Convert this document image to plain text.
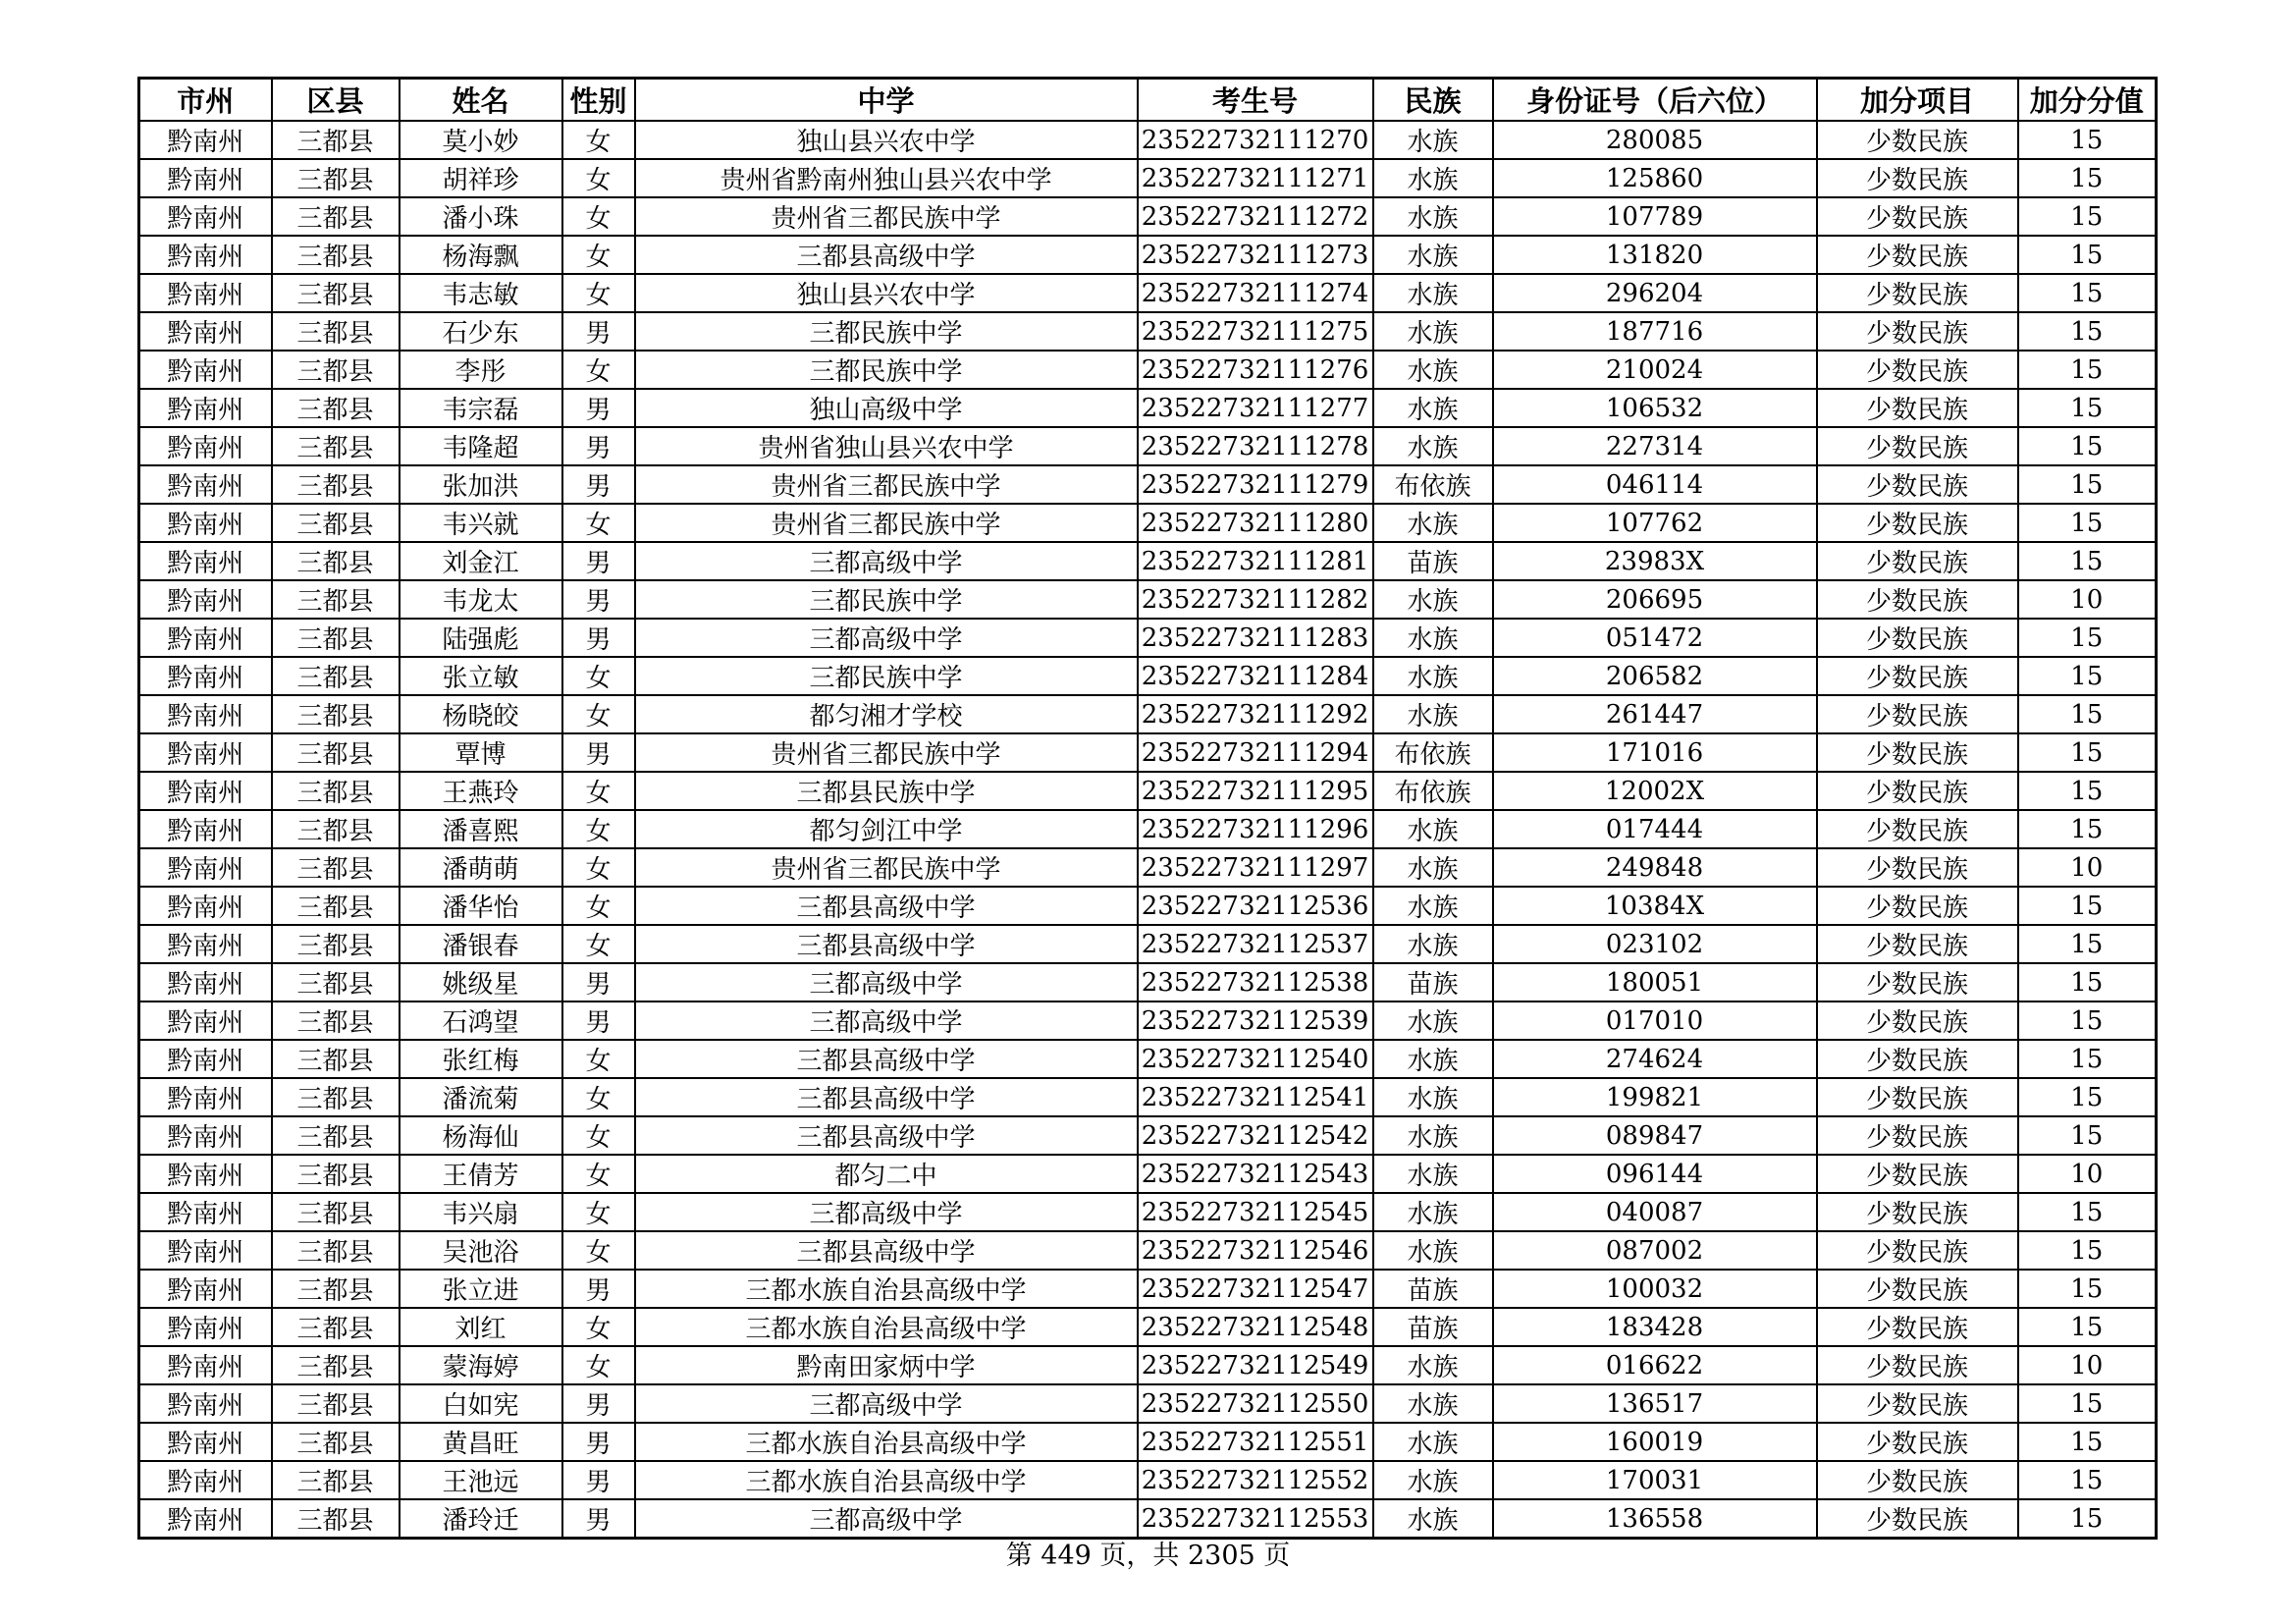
市州	区县	姓名	性别	中学	考生号	民族	身份证号（后六位）	加分项目	加分分值
黔南州	三都县	莫小妙	女	独山县兴农中学	23522732111270	水族	280085	少数民族	15
黔南州	三都县	胡祥珍	女	贵州省黔南州独山县兴农中学	23522732111271	水族	125860	少数民族	15
黔南州	三都县	潘小珠	女	贵州省三都民族中学	23522732111272	水族	107789	少数民族	15
黔南州	三都县	杨海飘	女	三都县高级中学	23522732111273	水族	131820	少数民族	15
黔南州	三都县	韦志敏	女	独山县兴农中学	23522732111274	水族	296204	少数民族	15
黔南州	三都县	石少东	男	三都民族中学	23522732111275	水族	187716	少数民族	15
黔南州	三都县	李彤	女	三都民族中学	23522732111276	水族	210024	少数民族	15
黔南州	三都县	韦宗磊	男	独山高级中学	23522732111277	水族	106532	少数民族	15
黔南州	三都县	韦隆超	男	贵州省独山县兴农中学	23522732111278	水族	227314	少数民族	15
黔南州	三都县	张加洪	男	贵州省三都民族中学	23522732111279	布依族	046114	少数民族	15
黔南州	三都县	韦兴就	女	贵州省三都民族中学	23522732111280	水族	107762	少数民族	15
黔南州	三都县	刘金江	男	三都高级中学	23522732111281	苗族	23983X	少数民族	15
黔南州	三都县	韦龙太	男	三都民族中学	23522732111282	水族	206695	少数民族	10
黔南州	三都县	陆强彪	男	三都高级中学	23522732111283	水族	051472	少数民族	15
黔南州	三都县	张立敏	女	三都民族中学	23522732111284	水族	206582	少数民族	15
黔南州	三都县	杨晓皎	女	都匀湘才学校	23522732111292	水族	261447	少数民族	15
黔南州	三都县	覃博	男	贵州省三都民族中学	23522732111294	布依族	171016	少数民族	15
黔南州	三都县	王燕玲	女	三都县民族中学	23522732111295	布依族	12002X	少数民族	15
黔南州	三都县	潘喜熙	女	都匀剑江中学	23522732111296	水族	017444	少数民族	15
黔南州	三都县	潘萌萌	女	贵州省三都民族中学	23522732111297	水族	249848	少数民族	10
黔南州	三都县	潘华怡	女	三都县高级中学	23522732112536	水族	10384X	少数民族	15
黔南州	三都县	潘银春	女	三都县高级中学	23522732112537	水族	023102	少数民族	15
黔南州	三都县	姚级星	男	三都高级中学	23522732112538	苗族	180051	少数民族	15
黔南州	三都县	石鸿望	男	三都高级中学	23522732112539	水族	017010	少数民族	15
黔南州	三都县	张红梅	女	三都县高级中学	23522732112540	水族	274624	少数民族	15
黔南州	三都县	潘流菊	女	三都县高级中学	23522732112541	水族	199821	少数民族	15
黔南州	三都县	杨海仙	女	三都县高级中学	23522732112542	水族	089847	少数民族	15
黔南州	三都县	王倩芳	女	都匀二中	23522732112543	水族	096144	少数民族	10
黔南州	三都县	韦兴扇	女	三都高级中学	23522732112545	水族	040087	少数民族	15
黔南州	三都县	吴池浴	女	三都县高级中学	23522732112546	水族	087002	少数民族	15
黔南州	三都县	张立进	男	三都水族自治县高级中学	23522732112547	苗族	100032	少数民族	15
黔南州	三都县	刘红	女	三都水族自治县高级中学	23522732112548	苗族	183428	少数民族	15
黔南州	三都县	蒙海婷	女	黔南田家炳中学	23522732112549	水族	016622	少数民族	10
黔南州	三都县	白如宪	男	三都高级中学	23522732112550	水族	136517	少数民族	15
黔南州	三都县	黄昌旺	男	三都水族自治县高级中学	23522732112551	水族	160019	少数民族	15
黔南州	三都县	王池远	男	三都水族自治县高级中学	23522732112552	水族	170031	少数民族	15
黔南州	三都县	潘玲迁	男	三都高级中学	23522732112553	水族	136558	少数民族	15
第 449 页，共 2305 页
